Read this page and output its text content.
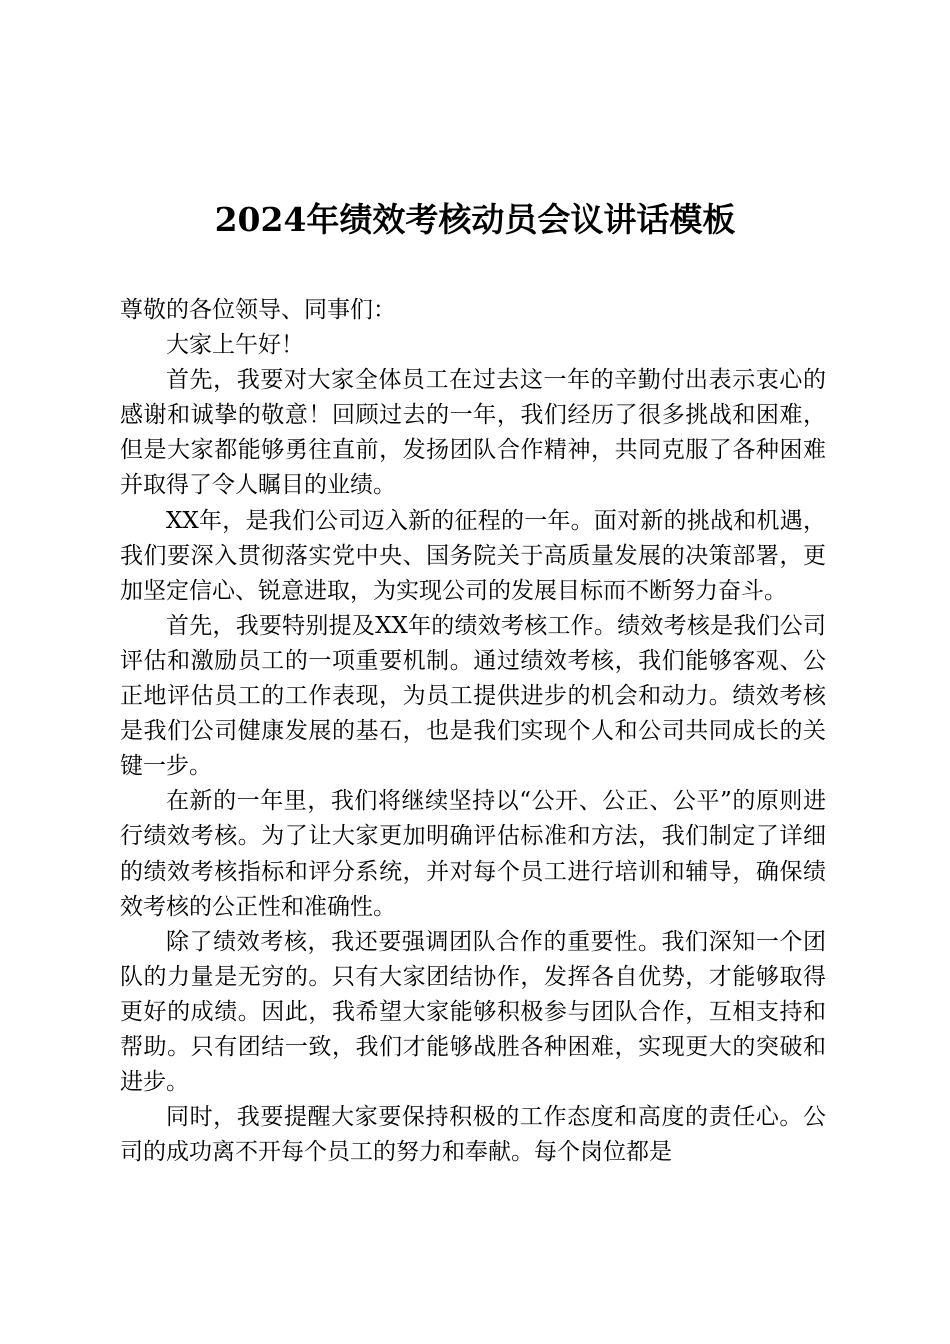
2024年绩效考核动员会议讲话模板

尊敬的各位领导、同事们：

大家上午好！

首先，我要对大家全体员工在过去这一年的辛勤付出表示衷心的感谢和诚挚的敬意！回顾过去的一年，我们经历了很多挑战和困难，但是大家都能够勇往直前，发扬团队合作精神，共同克服了各种困难并取得了令人瞩目的业绩。

XX年，是我们公司迈入新的征程的一年。面对新的挑战和机遇，我们要深入贯彻落实党中央、国务院关于高质量发展的决策部署，更加坚定信心、锐意进取，为实现公司的发展目标而不断努力奋斗。

首先，我要特别提及XX年的绩效考核工作。绩效考核是我们公司评估和激励员工的一项重要机制。通过绩效考核，我们能够客观、公正地评估员工的工作表现，为员工提供进步的机会和动力。绩效考核是我们公司健康发展的基石，也是我们实现个人和公司共同成长的关键一步。

在新的一年里，我们将继续坚持以“公开、公正、公平”的原则进行绩效考核。为了让大家更加明确评估标准和方法，我们制定了详细的绩效考核指标和评分系统，并对每个员工进行培训和辅导，确保绩效考核的公正性和准确性。

除了绩效考核，我还要强调团队合作的重要性。我们深知一个团队的力量是无穷的。只有大家团结协作，发挥各自优势，才能够取得更好的成绩。因此，我希望大家能够积极参与团队合作，互相支持和帮助。只有团结一致，我们才能够战胜各种困难，实现更大的突破和进步。

同时，我要提醒大家要保持积极的工作态度和高度的责任心。公司的成功离不开每个员工的努力和奉献。每个岗位都是
